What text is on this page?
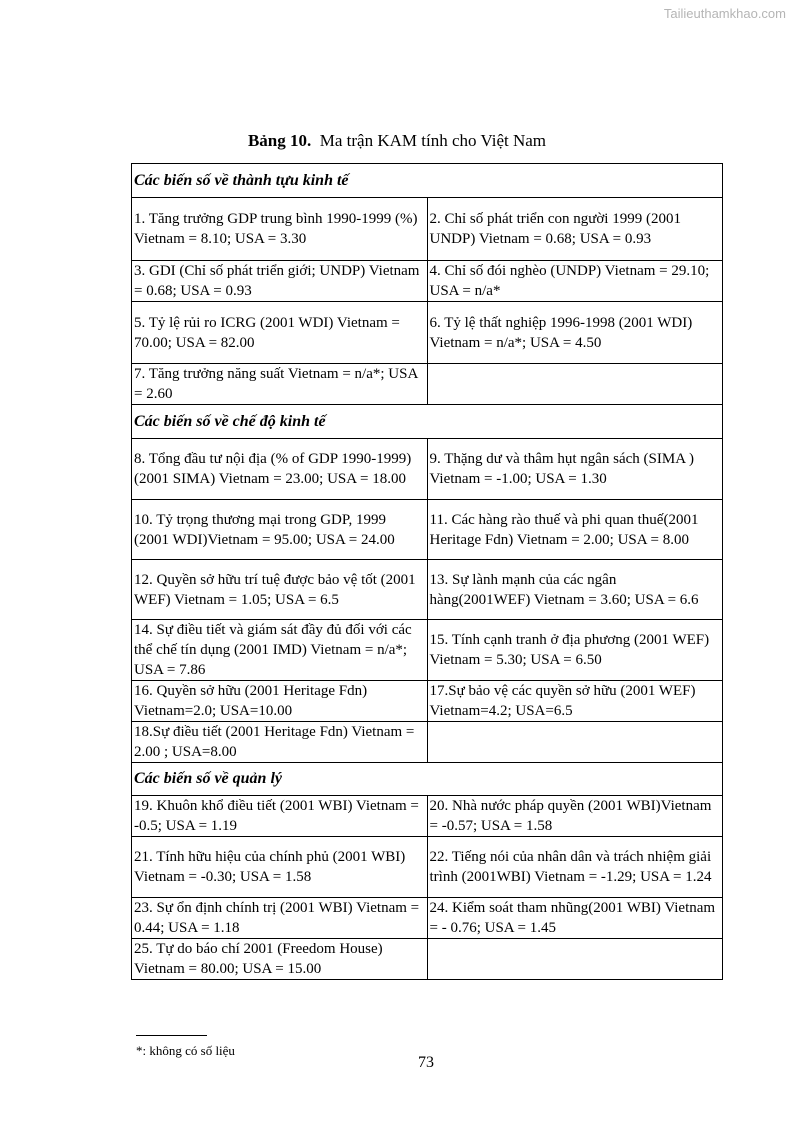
Tailieuthamkhao.com
Bảng 10. Ma trận KAM tính cho Việt Nam
Các biến số về thành tựu kinh tế	
1. Tăng trưởng GDP trung bình 1990-1999 (%) Vietnam = 8.10; USA = 3.30	2. Chỉ số phát triển con người 1999 (2001 UNDP) Vietnam = 0.68; USA = 0.93
3. GDI (Chỉ số phát triển giới; UNDP) Vietnam = 0.68; USA = 0.93	4. Chỉ số đói nghèo (UNDP) Vietnam = 29.10; USA = n/a*
5. Tỷ lệ rủi ro ICRG (2001 WDI) Vietnam = 70.00; USA = 82.00	6. Tỷ lệ thất nghiệp 1996-1998 (2001 WDI) Vietnam = n/a*; USA = 4.50
7. Tăng trưởng năng suất Vietnam = n/a*; USA = 2.60	
Các biến số về chế độ kinh tế	
8. Tổng đầu tư nội địa (% of GDP 1990-1999) (2001 SIMA) Vietnam = 23.00; USA = 18.00	9. Thặng dư và thâm hụt ngân sách (SIMA ) Vietnam = -1.00; USA = 1.30
10. Tỷ trọng thương mại trong GDP, 1999 (2001 WDI)Vietnam = 95.00; USA = 24.00	11. Các hàng rào thuế và phi quan thuế(2001 Heritage Fdn) Vietnam = 2.00; USA = 8.00
12. Quyền sở hữu trí tuệ được bảo vệ tốt (2001 WEF) Vietnam = 1.05; USA = 6.5	13. Sự lành mạnh của các ngân hàng(2001WEF) Vietnam = 3.60; USA = 6.6
14. Sự điều tiết và giám sát đầy đủ đối với các thể chế tín dụng (2001 IMD) Vietnam = n/a*; USA = 7.86	15. Tính cạnh tranh ở địa phương (2001 WEF) Vietnam = 5.30; USA = 6.50
16. Quyền sở hữu (2001 Heritage Fdn) Vietnam=2.0; USA=10.00	17.Sự bảo vệ các quyền sở hữu (2001 WEF) Vietnam=4.2; USA=6.5
18.Sự điều tiết (2001 Heritage Fdn) Vietnam = 2.00 ; USA=8.00	
Các biến số về quản lý	
19. Khuôn khổ điều tiết (2001 WBI) Vietnam = -0.5; USA = 1.19	20. Nhà nước pháp quyền (2001 WBI)Vietnam = -0.57; USA = 1.58
21. Tính hữu hiệu của chính phủ (2001 WBI) Vietnam = -0.30; USA = 1.58	22. Tiếng nói của nhân dân và trách nhiệm giải trình (2001WBI) Vietnam = -1.29; USA = 1.24
23. Sự ổn định chính trị (2001 WBI) Vietnam = 0.44; USA = 1.18	24. Kiểm soát tham nhũng(2001 WBI) Vietnam = - 0.76; USA = 1.45
25. Tự do báo chí 2001 (Freedom House) Vietnam = 80.00; USA = 15.00	
*: không có số liệu
73
